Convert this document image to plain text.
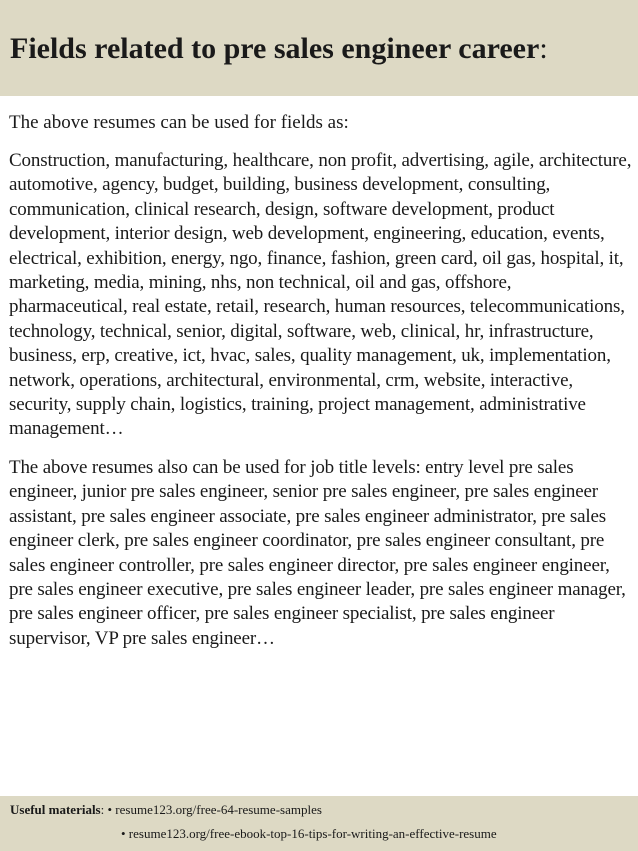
Fields related to pre sales engineer career:

The above resumes can be used for fields as:

Construction, manufacturing, healthcare, non profit, advertising, agile, architecture, automotive, agency, budget, building, business development, consulting, communication, clinical research, design, software development, product development, interior design, web development, engineering, education, events, electrical, exhibition, energy, ngo, finance, fashion, green card, oil gas, hospital, it, marketing, media, mining, nhs, non technical, oil and gas, offshore, pharmaceutical, real estate, retail, research, human resources, telecommunications, technology, technical, senior, digital, software, web, clinical, hr, infrastructure, business, erp, creative, ict, hvac, sales, quality management, uk, implementation, network, operations, architectural, environmental, crm, website, interactive, security, supply chain, logistics, training, project management, administrative management…

The above resumes also can be used for job title levels: entry level pre sales engineer, junior pre sales engineer, senior pre sales engineer, pre sales engineer assistant, pre sales engineer associate, pre sales engineer administrator, pre sales engineer clerk, pre sales engineer coordinator, pre sales engineer consultant, pre sales engineer controller, pre sales engineer director, pre sales engineer engineer, pre sales engineer executive, pre sales engineer leader, pre sales engineer manager, pre sales engineer officer, pre sales engineer specialist, pre sales engineer supervisor, VP pre sales engineer…

Useful materials: • resume123.org/free-64-resume-samples
• resume123.org/free-ebook-top-16-tips-for-writing-an-effective-resume
